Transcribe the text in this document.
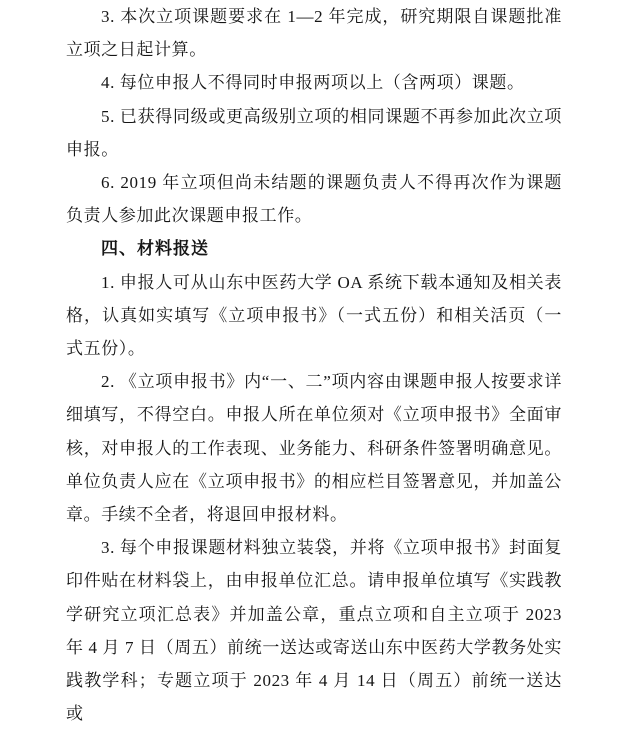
3. 本次立项课题要求在 1—2 年完成，研究期限自课题批准立项之日起计算。

4. 每位申报人不得同时申报两项以上（含两项）课题。

5. 已获得同级或更高级别立项的相同课题不再参加此次立项申报。

6. 2019 年立项但尚未结题的课题负责人不得再次作为课题负责人参加此次课题申报工作。

四、材料报送

1. 申报人可从山东中医药大学 OA 系统下载本通知及相关表格，认真如实填写《立项申报书》（一式五份）和相关活页（一式五份）。

2. 《立项申报书》内“一、二”项内容由课题申报人按要求详细填写，不得空白。申报人所在单位须对《立项申报书》全面审核，对申报人的工作表现、业务能力、科研条件签署明确意见。单位负责人应在《立项申报书》的相应栏目签署意见，并加盖公章。手续不全者，将退回申报材料。

3. 每个申报课题材料独立装袋，并将《立项申报书》封面复印件贴在材料袋上，由申报单位汇总。请申报单位填写《实践教学研究立项汇总表》并加盖公章，重点立项和自主立项于 2023 年 4 月 7 日（周五）前统一送达或寄送山东中医药大学教务处实践教学科；专题立项于 2023 年 4 月 14 日（周五）前统一送达或
